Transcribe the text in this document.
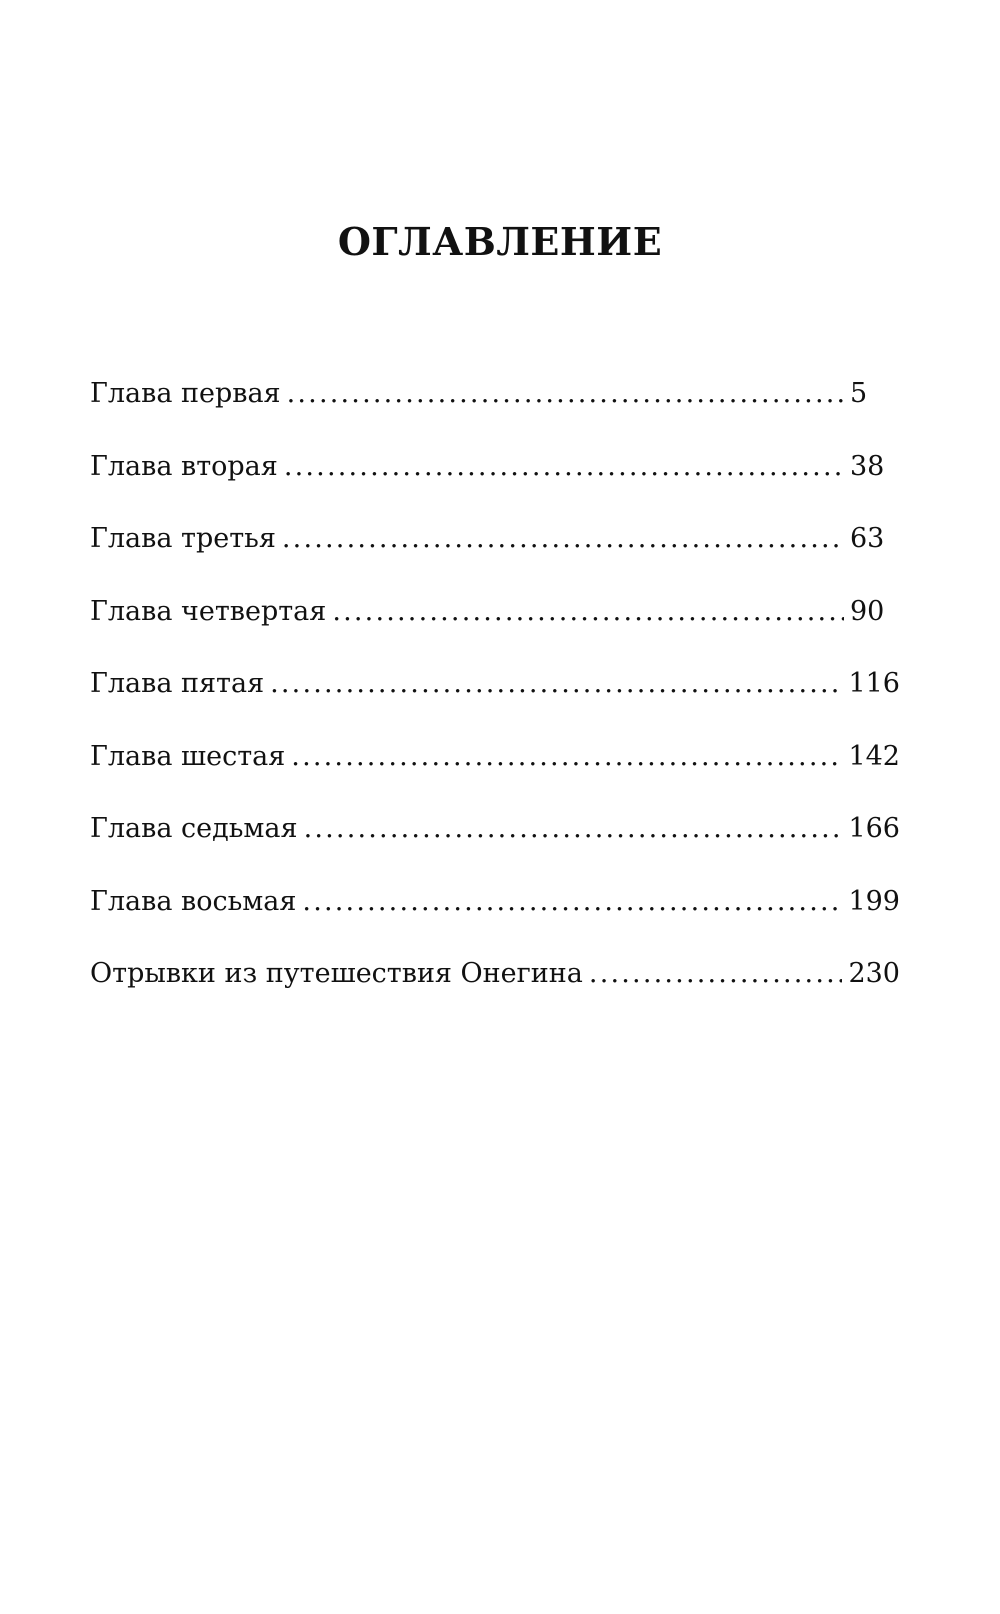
ОГЛАВЛЕНИЕ
Глава первая .....	5
Глава вторая .....	38
Глава третья .....	63
Глава четвертая .....	90
Глава пятая .....	116
Глава шестая .....	142
Глава седьмая .....	166
Глава восьмая .....	199
Отрывки из путешествия Онегина .....	230
